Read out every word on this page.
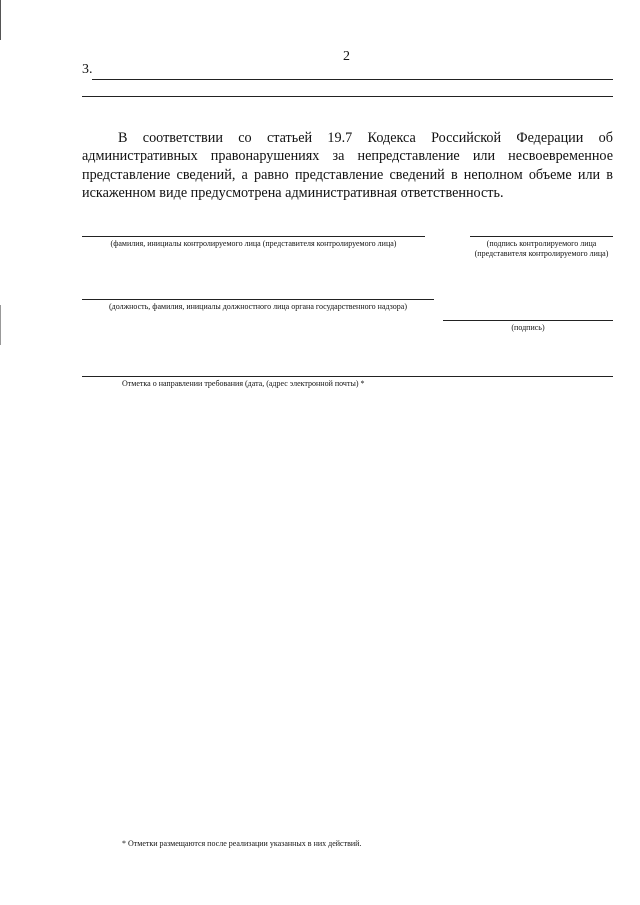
2
3.
В соответствии со статьей 19.7 Кодекса Российской Федерации об административных правонарушениях за непредставление или несвоевременное представление сведений, а равно представление сведений в неполном объеме или в искаженном виде предусмотрена административная ответственность.
(фамилия, инициалы контролируемого лица (представителя контролируемого лица)	(подпись контролируемого лица (представителя контролируемого лица)
(должность, фамилия, инициалы должностного лица органа государственного надзора)
(подпись)
Отметка о направлении требования (дата, (адрес электронной почты) *
* Отметки размещаются после реализации указанных в них действий.
